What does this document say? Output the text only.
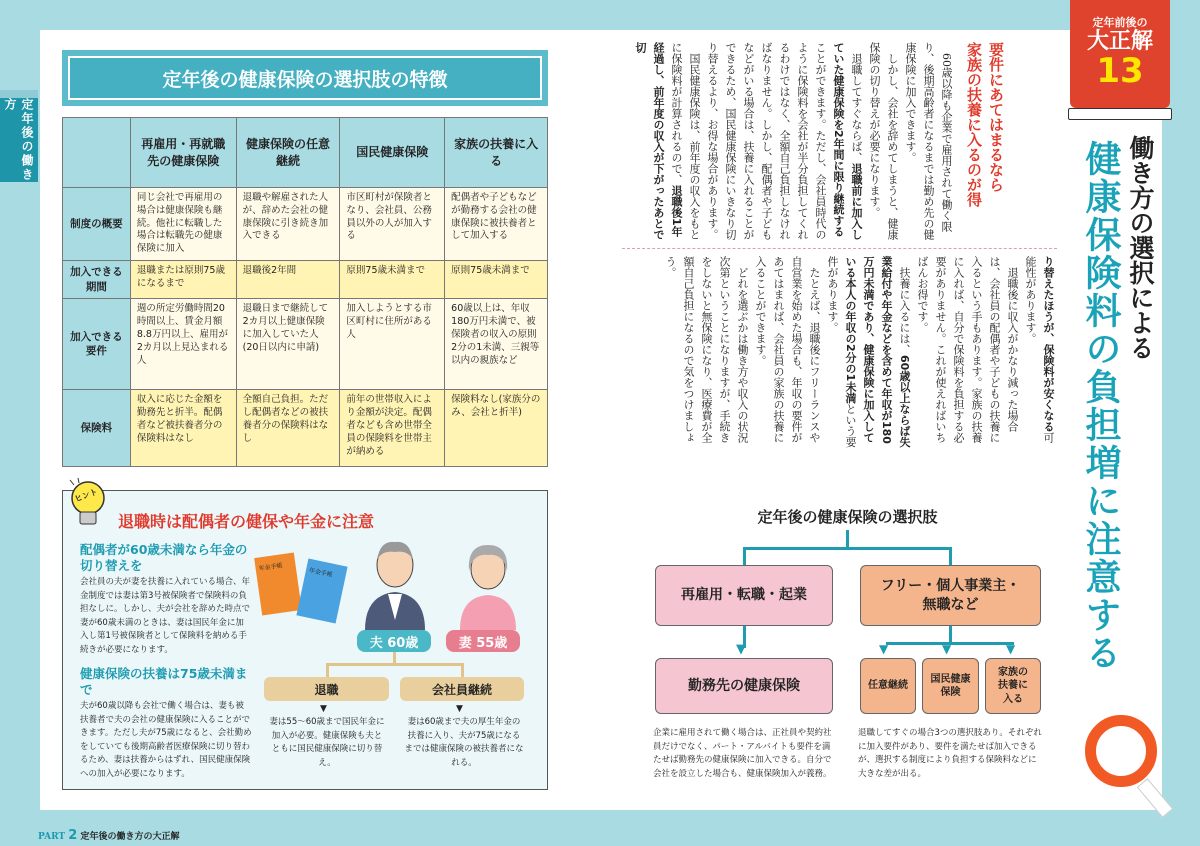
定年後の働き方
定年後の健康保険の選択肢の特徴
	再雇用・再就職先の健康保険	健康保険の任意継続	国民健康保険	家族の扶養に入る
制度の概要	同じ会社で再雇用の場合は健康保険も継続。他社に転職した場合は転職先の健康保険に加入	退職や解雇された人が、辞めた会社の健康保険に引き続き加入できる	市区町村が保険者となり、会社員、公務員以外の人が加入する	配偶者や子どもなどが勤務する会社の健康保険に被扶養者として加入する
加入できる期間	退職または原則75歳になるまで	退職後2年間	原則75歳未満まで	原則75歳未満まで
加入できる要件	週の所定労働時間20時間以上、賃金月額8.8万円以上、雇用が2カ月以上見込まれる人	退職日まで継続して2カ月以上健康保険に加入していた人(20日以内に申請)	加入しようとする市区町村に住所がある人	60歳以上は、年収180万円未満で、被保険者の収入の原則2分の1未満、三親等以内の親族など
保険料	収入に応じた金額を勤務先と折半。配偶者など被扶養者分の保険料はなし	全額自己負担。ただし配偶者などの被扶養者分の保険料はなし	前年の世帯収入により金額が決定。配偶者なども含め世帯全員の保険料を世帯主が納める	保険料なし(家族分のみ、会社と折半)
ヒント
退職時は配偶者の健保や年金に注意
配偶者が60歳未満なら年金の切り替えを
会社員の夫が妻を扶養に入れている場合、年金制度では妻は第3号被保険者で保険料の負担なしに。しかし、夫が会社を辞めた時点で妻が60歳未満のときは、妻は国民年金に加入し第1号被保険者として保険料を納める手続きが必要になります。
健康保険の扶養は75歳未満まで
夫が60歳以降も会社で働く場合は、妻も被扶養者で夫の会社の健康保険に入ることができます。ただし夫が75歳になると、会社勤めをしていても後期高齢者医療保険に切り替わるため、妻は扶養からはずれ、国民健康保険への加入が必要になります。
年金手帳	年金手帳
夫 60歳	妻 55歳
退職	会社員継続
▼	▼
妻は55〜60歳まで国民年金に加入が必要。健康保険も夫とともに国民健康保険に切り替え。
妻は60歳まで夫の厚生年金の扶養に入り、夫が75歳になるまでは健康保険の被扶養者になれる。
要件にあてはまるなら
家族の扶養に入るのが得

60歳以降も企業で雇用されて働く限り、後期高齢者になるまでは勤め先の健康保険に加入できます。

しかし、会社を辞めてしまうと、健康保険の切り替えが必要になります。

退職してすぐならば、退職前に加入していた健康保険を2年間に限り継続することができます。ただし、会社員時代のように保険料を会社が半分負担してくれるわけではなく、全額自己負担しなければなりません。しかし、配偶者や子どもなどがいる場合は、扶養に入れることができるため、国民健康保険にいきなり切り替えるより、お得な場合があります。

国民健康保険は、前年度の収入をもとに保険料が計算されるので、退職後1年経過し、前年度の収入が下がったあとで切

り替えたほうが、保険料が安くなる可能性があります。

退職後に収入がかなり減った場合は、会社員の配偶者や子どもの扶養に入るという手もあります。家族の扶養に入れば、自分で保険料を負担する必要がありません。これが使えればいちばんお得です。

扶養に入るには、60歳以上ならば失業給付や年金などを含めて年収が180万円未満であり、健康保険に加入している本人の年収の2分の1未満という要件があります。

たとえば、退職後にフリーランスや自営業を始めた場合も、年収の要件があてはまれば、会社員の家族の扶養に入ることができます。

どれを選ぶかは働き方や収入の状況次第ということになりますが、手続きをしないと無保険になり、医療費が全額自己負担になるので気をつけましょう。

定年後の健康保険の選択肢
再雇用・転職・起業
フリー・個人事業主・無職など
▼
勤務先の健康保険
▼	▼	▼
任意継続
国民健康保険
家族の扶養に入る
企業に雇用されて働く場合は、正社員や契約社員だけでなく、パート・アルバイトも要件を満たせば勤務先の健康保険に加入できる。自分で会社を設立した場合も、健康保険加入が義務。
退職してすぐの場合3つの選択肢あり。それぞれに加入要件があり、要件を満たせば加入できるが、選択する制度により負担する保険料などに大きな差が出る。
定年前後の
大正解
13
働き方の選択による
健康保険料の負担増に注意する
PART 2 定年後の働き方の大正解
